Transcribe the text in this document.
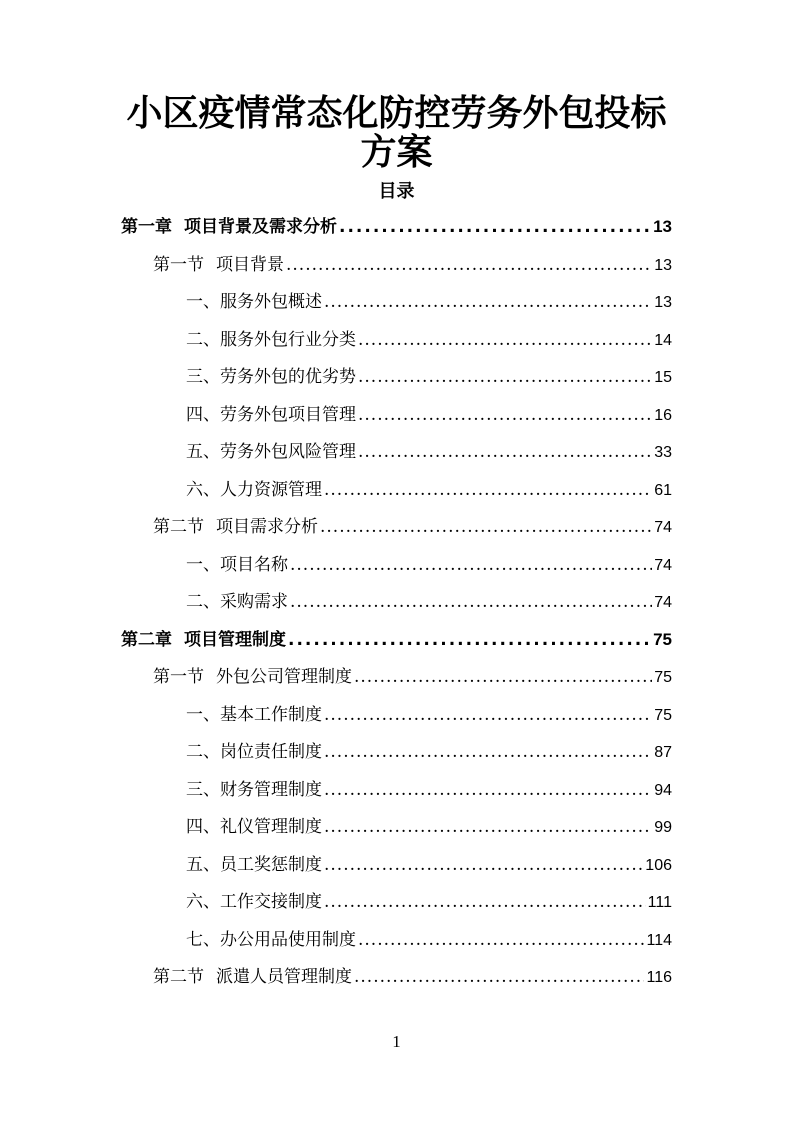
小区疫情常态化防控劳务外包投标
方案
目录
第一章 项目背景及需求分析 .....	13
第一节 项目背景 .....	13
一、 服务外包概述 .....	13
二、 服务外包行业分类 .....	14
三、 劳务外包的优劣势 .....	15
四、 劳务外包项目管理 .....	16
五、 劳务外包风险管理 .....	33
六、 人力资源管理 .....	61
第二节 项目需求分析 .....	74
一、 项目名称 .....	74
二、 采购需求 .....	74
第二章 项目管理制度 .....	75
第一节 外包公司管理制度 .....	75
一、 基本工作制度 .....	75
二、 岗位责任制度 .....	87
三、 财务管理制度 .....	94
四、 礼仪管理制度 .....	99
五、 员工奖惩制度 .....	106
六、 工作交接制度 .....	111
七、 办公用品使用制度 .....	114
第二节 派遣人员管理制度 .....	116
1
